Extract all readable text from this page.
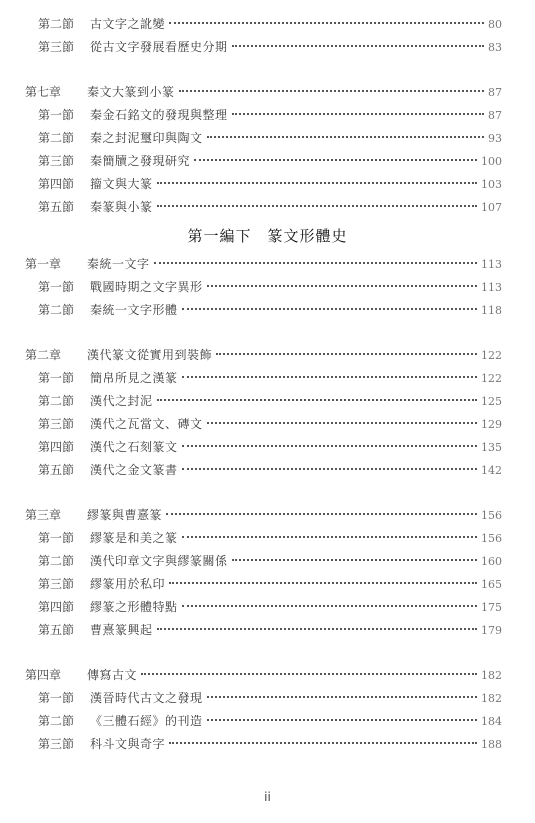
第二節	古文字之訛變	80
第三節	從古文字發展看歷史分期	83
第七章	秦文大篆到小篆	87
第一節	秦金石銘文的發現與整理	87
第二節	秦之封泥璽印與陶文	93
第三節	秦簡牘之發現研究	100
第四節	籀文與大篆	103
第五節	秦篆與小篆	107
第一編下 篆文形體史
第一章	秦統一文字	113
第一節	戰國時期之文字異形	113
第二節	秦統一文字形體	118
第二章	漢代篆文從實用到裝飾	122
第一節	簡帛所見之漢篆	122
第二節	漢代之封泥	125
第三節	漢代之瓦當文、磚文	129
第四節	漢代之石刻篆文	135
第五節	漢代之金文篆書	142
第三章	繆篆與曹憙篆	156
第一節	繆篆是和美之篆	156
第二節	漢代印章文字與繆篆關係	160
第三節	繆篆用於私印	165
第四節	繆篆之形體特點	175
第五節	曹熹篆興起	179
第四章	傳寫古文	182
第一節	漢晉時代古文之發現	182
第二節	《三體石經》的刊造	184
第三節	科斗文與奇字	188
ii
